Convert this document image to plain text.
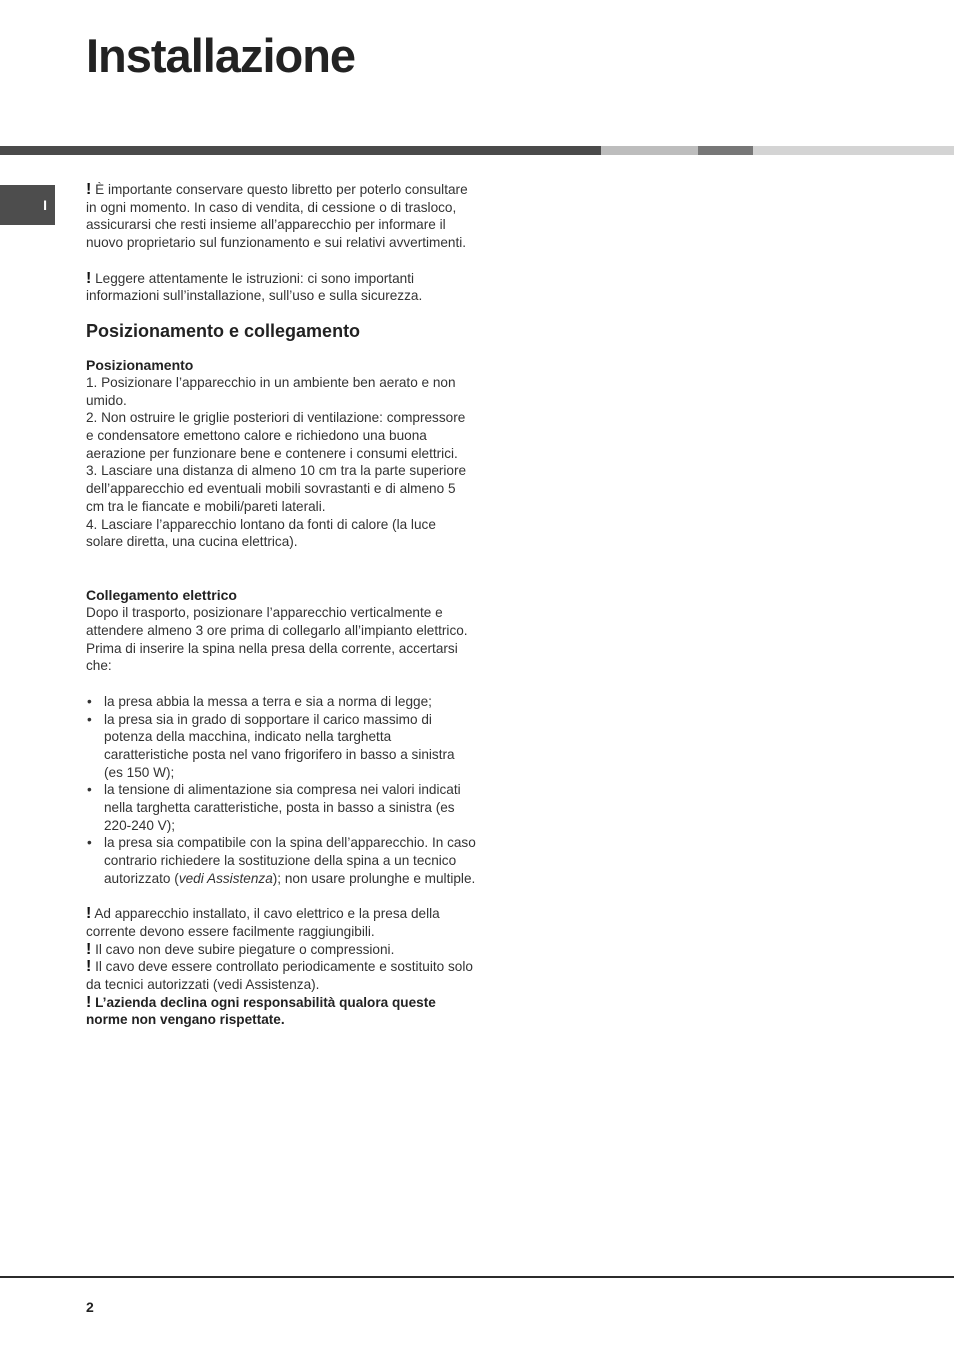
Installazione
I

! È importante conservare questo libretto per poterlo consultare in ogni momento. In caso di vendita, di cessione o di trasloco, assicurarsi che resti insieme all’apparecchio per informare il nuovo proprietario sul funzionamento e sui relativi avvertimenti.

! Leggere attentamente le istruzioni: ci sono importanti informazioni sull’installazione, sull’uso e sulla sicurezza.

Posizionamento e collegamento
Posizionamento

1. Posizionare l’apparecchio in un ambiente ben aerato e non umido.

2. Non ostruire le griglie posteriori di ventilazione: compressore e condensatore emettono calore e richiedono una buona aerazione per funzionare bene e contenere i consumi elettrici.

3. Lasciare una distanza di almeno 10 cm tra la parte superiore dell’apparecchio ed eventuali mobili sovrastanti e di almeno 5 cm tra le fiancate e mobili/pareti laterali.

4. Lasciare l’apparecchio lontano da fonti di calore (la luce solare diretta, una cucina elettrica).

Collegamento elettrico

Dopo il trasporto, posizionare l’apparecchio verticalmente e attendere almeno 3 ore prima di collegarlo all’impianto elettrico. Prima di inserire la spina nella presa della corrente, accertarsi che:

• la presa abbia la messa a terra e sia a norma di legge;
• la presa sia in grado di sopportare il carico massimo di potenza della macchina, indicato nella targhetta caratteristiche posta nel vano frigorifero in basso a sinistra (es 150 W);
• la tensione di alimentazione sia compresa nei valori indicati nella targhetta caratteristiche, posta in basso a sinistra (es 220-240 V);
• la presa sia compatibile con la spina dell’apparecchio. In caso contrario richiedere la sostituzione della spina a un tecnico autorizzato (vedi Assistenza); non usare prolunghe e multiple.

! Ad apparecchio installato, il cavo elettrico e la presa della corrente devono essere facilmente raggiungibili.

! Il cavo non deve subire piegature o compressioni.

! Il cavo deve essere controllato periodicamente e sostituito solo da tecnici autorizzati (vedi Assistenza).

! L’azienda declina ogni responsabilità qualora queste norme non vengano rispettate.

2
